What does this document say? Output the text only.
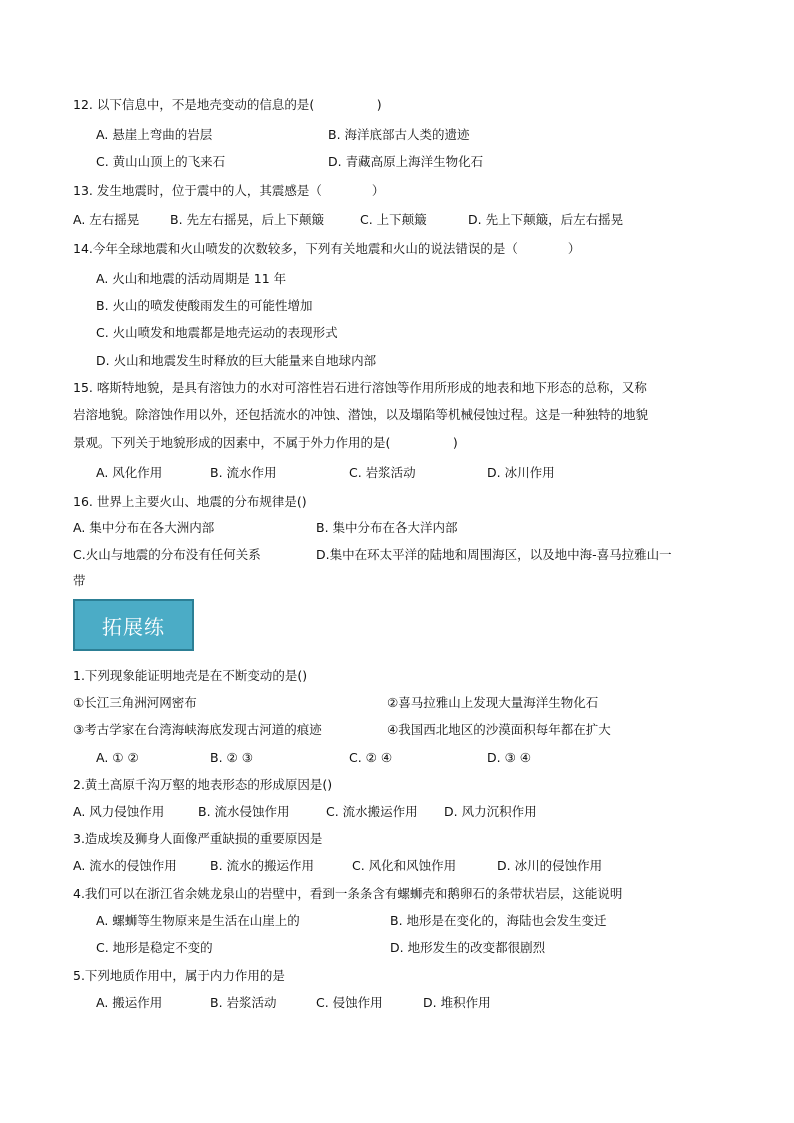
12. 以下信息中，不是地壳变动的信息的是(　　　　　)
A. 悬崖上弯曲的岩层	B. 海洋底部古人类的遗迹
C. 黄山山顶上的飞来石	D. 青藏高原上海洋生物化石
13. 发生地震时，位于震中的人，其震感是（　　　　）
A. 左右摇晃 B. 先左右摇晃，后上下颠簸	C. 上下颠簸	D. 先上下颠簸，后左右摇晃
14.今年全球地震和火山喷发的次数较多，下列有关地震和火山的说法错误的是（　　　　）
A. 火山和地震的活动周期是 11 年
B. 火山的喷发使酸雨发生的可能性增加
C. 火山喷发和地震都是地壳运动的表现形式
D. 火山和地震发生时释放的巨大能量来自地球内部
15. 喀斯特地貌，是具有溶蚀力的水对可溶性岩石进行溶蚀等作用所形成的地表和地下形态的总称，又称
岩溶地貌。除溶蚀作用以外，还包括流水的冲蚀、潜蚀，以及塌陷等机械侵蚀过程。这是一种独特的地貌
景观。下列关于地貌形成的因素中，不属于外力作用的是(　　　　　)
A. 风化作用	B. 流水作用	C. 岩浆活动	D. 冰川作用
16. 世界上主要火山、地震的分布规律是()
A. 集中分布在各大洲内部	B. 集中分布在各大洋内部
C.火山与地震的分布没有任何关系	D.集中在环太平洋的陆地和周围海区，以及地中海-喜马拉雅山一
带
拓展练
1.下列现象能证明地壳是在不断变动的是()
①长江三角洲河网密布	②喜马拉雅山上发现大量海洋生物化石
③考古学家在台湾海峡海底发现古河道的痕迹	④我国西北地区的沙漠面积每年都在扩大
A. ① ②	B. ② ③	C. ② ④	D. ③ ④
2.黄土高原千沟万壑的地表形态的形成原因是()
A. 风力侵蚀作用	B. 流水侵蚀作用	C. 流水搬运作用 D. 风力沉积作用
3.造成埃及狮身人面像严重缺损的重要原因是
A. 流水的侵蚀作用	B. 流水的搬运作用	C. 风化和风蚀作用	D. 冰川的侵蚀作用
4.我们可以在浙江省余姚龙泉山的岩壁中，看到一条条含有螺蛳壳和鹅卵石的条带状岩层，这能说明
A. 螺蛳等生物原来是生活在山崖上的	B. 地形是在变化的，海陆也会发生变迁
C. 地形是稳定不变的	D. 地形发生的改变都很剧烈
5.下列地质作用中，属于内力作用的是
A. 搬运作用	B. 岩浆活动	C. 侵蚀作用	D. 堆积作用
